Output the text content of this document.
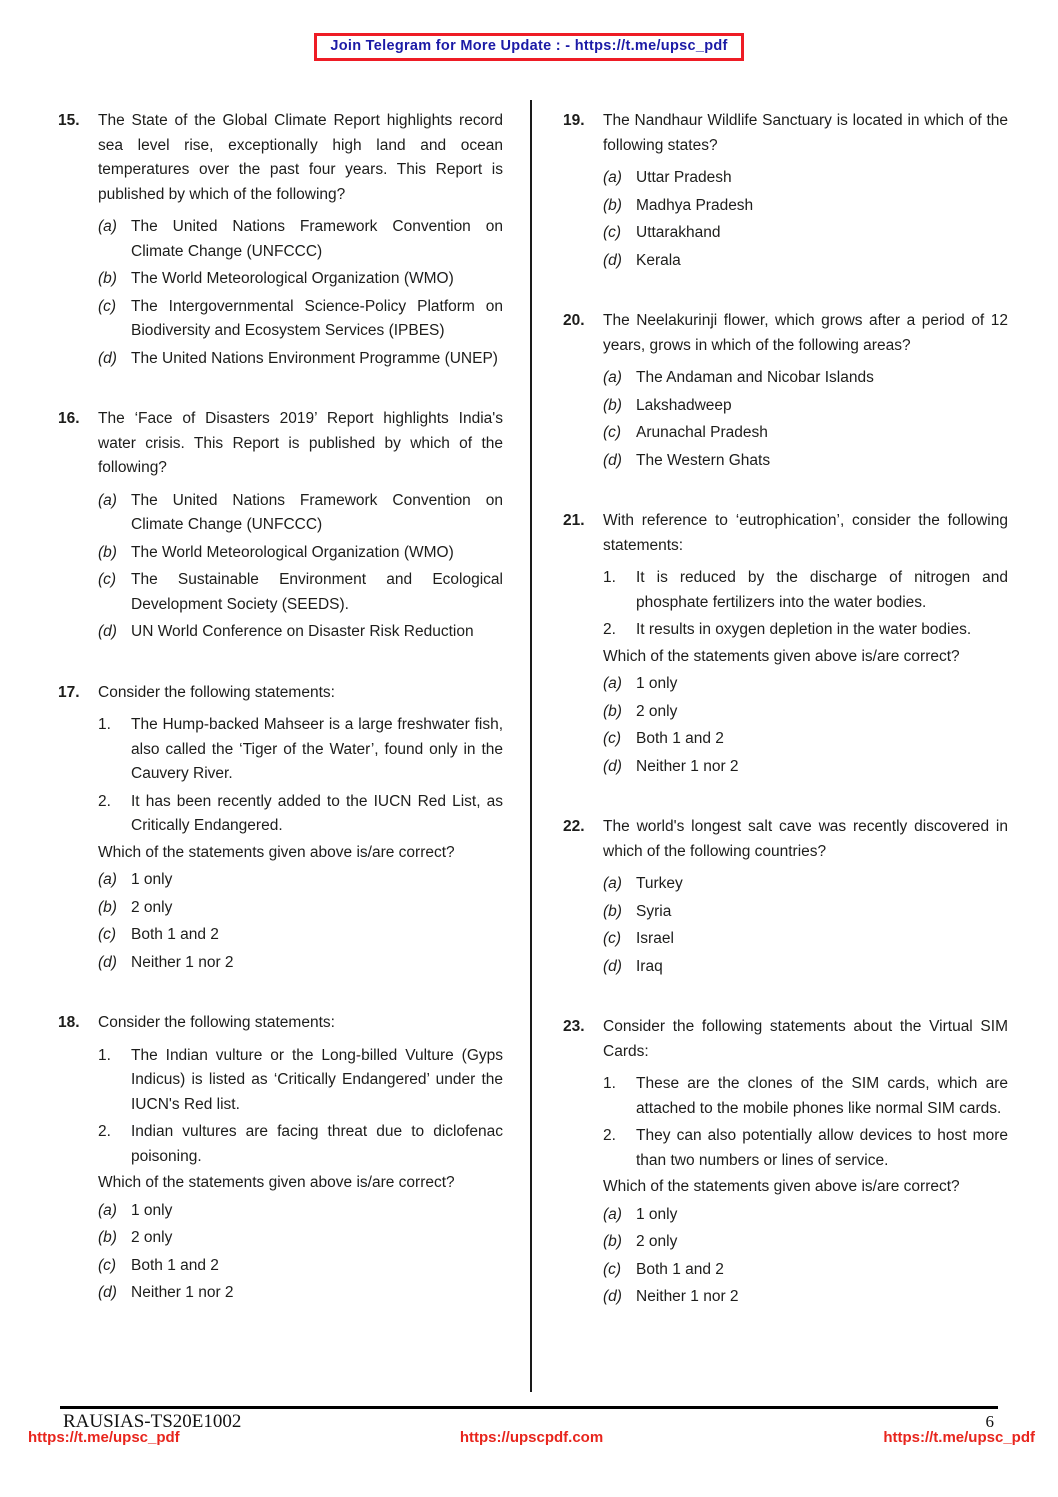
Join Telegram for More Update : - https://t.me/upsc_pdf
15.	The State of the Global Climate Report highlights record sea level rise, exceptionally high land and ocean temperatures over the past four years. This Report is published by which of the following?
(a) The United Nations Framework Convention on Climate Change (UNFCCC)
(b) The World Meteorological Organization (WMO)
(c) The Intergovernmental Science-Policy Platform on Biodiversity and Ecosystem Services (IPBES)
(d) The United Nations Environment Programme (UNEP)
16.	The ‘Face of Disasters 2019’ Report highlights India's water crisis. This Report is published by which of the following?
(a) The United Nations Framework Convention on Climate Change (UNFCCC)
(b) The World Meteorological Organization (WMO)
(c) The Sustainable Environment and Ecological Development Society (SEEDS).
(d) UN World Conference on Disaster Risk Reduction
17.	Consider the following statements:
1.	The Hump-backed Mahseer is a large freshwater fish, also called the ‘Tiger of the Water’, found only in the Cauvery River.
2.	It has been recently added to the IUCN Red List, as Critically Endangered.
Which of the statements given above is/are correct?
(a) 1 only
(b) 2 only
(c) Both 1 and 2
(d) Neither 1 nor 2
18.	Consider the following statements:
1.	The Indian vulture or the Long-billed Vulture (Gyps Indicus) is listed as ‘Critically Endangered’ under the IUCN's Red list.
2.	Indian vultures are facing threat due to diclofenac poisoning.
Which of the statements given above is/are correct?
(a) 1 only
(b) 2 only
(c) Both 1 and 2
(d) Neither 1 nor 2
19.	The Nandhaur Wildlife Sanctuary is located in which of the following states?
(a) Uttar Pradesh
(b) Madhya Pradesh
(c) Uttarakhand
(d) Kerala
20.	The Neelakurinji flower, which grows after a period of 12 years, grows in which of the following areas?
(a) The Andaman and Nicobar Islands
(b) Lakshadweep
(c) Arunachal Pradesh
(d) The Western Ghats
21.	With reference to ‘eutrophication’, consider the following statements:
1.	It is reduced by the discharge of nitrogen and phosphate fertilizers into the water bodies.
2.	It results in oxygen depletion in the water bodies.
Which of the statements given above is/are correct?
(a) 1 only
(b) 2 only
(c) Both 1 and 2
(d) Neither 1 nor 2
22.	The world's longest salt cave was recently discovered in which of the following countries?
(a) Turkey
(b) Syria
(c) Israel
(d) Iraq
23.	Consider the following statements about the Virtual SIM Cards:
1.	These are the clones of the SIM cards, which are attached to the mobile phones like normal SIM cards.
2.	They can also potentially allow devices to host more than two numbers or lines of service.
Which of the statements given above is/are correct?
(a) 1 only
(b) 2 only
(c) Both 1 and 2
(d) Neither 1 nor 2
RAUSIAS-TS20E1002	6
https://t.me/upsc_pdf	https://upscpdf.com	https://t.me/upsc_pdf
